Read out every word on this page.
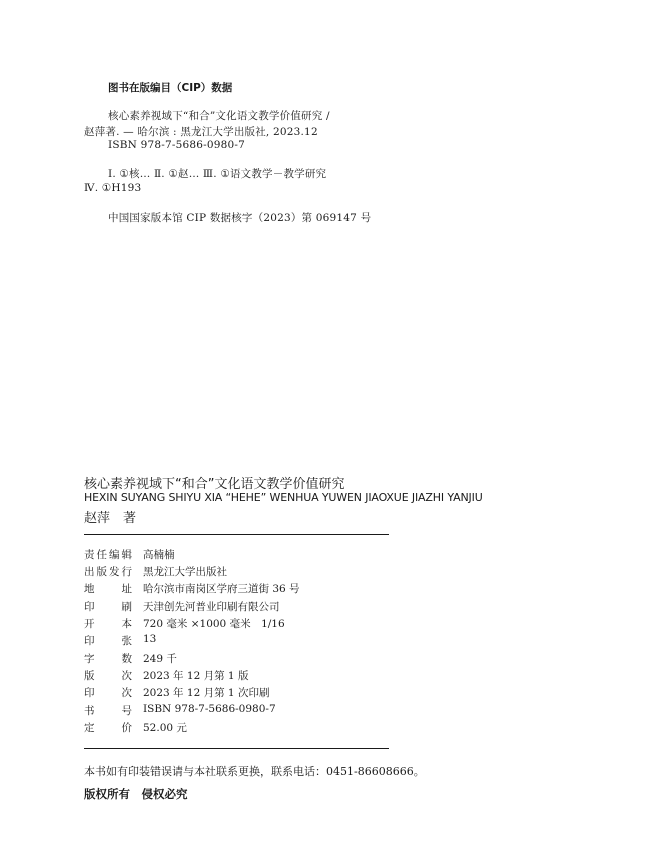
图书在版编目（CIP）数据
核心素养视域下“和合”文化语文教学价值研究 /
赵萍著. — 哈尔滨 : 黑龙江大学出版社, 2023.12
ISBN 978-7-5686-0980-7
Ⅰ. ①核… Ⅱ. ①赵… Ⅲ. ①语文教学－教学研究
Ⅳ. ①H193
中国国家版本馆 CIP 数据核字（2023）第 069147 号
核心素养视域下“和合”文化语文教学价值研究
HEXIN SUYANG SHIYU XIA “HEHE” WENHUA YUWEN JIAOXUE JIAZHI YANJIU
赵萍　著
责 任 编 辑 高楠楠
出 版 发 行 黑龙江大学出版社
地	址 哈尔滨市南岗区学府三道街 36 号
印	刷 天津创先河普业印刷有限公司
开	本 720 毫米 ×1000 毫米　1/16
印	张 13
字	数 249 千
版	次 2023 年 12 月第 1 版
印	次 2023 年 12 月第 1 次印刷
书	号 ISBN 978-7-5686-0980-7
定	价 52.00 元
本书如有印装错误请与本社联系更换，联系电话：0451-86608666。
版权所有　侵权必究
